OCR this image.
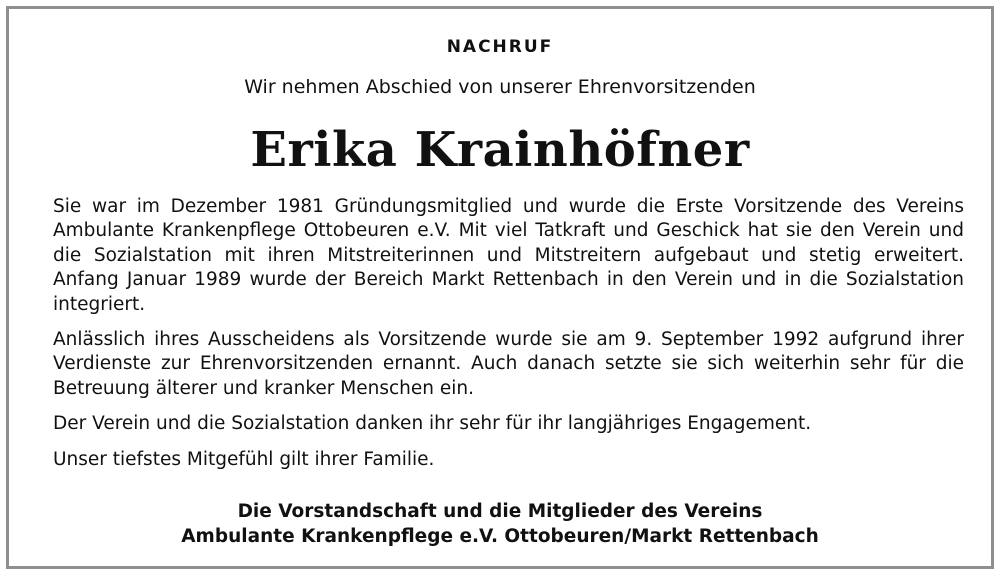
NACHRUF
Wir nehmen Abschied von unserer Ehrenvorsitzenden
Erika Krainhöfner

Sie war im Dezember 1981 Gründungsmitglied und wurde die Erste Vorsitzende des Vereins Ambulante Krankenpflege Ottobeuren e.V. Mit viel Tatkraft und Geschick hat sie den Verein und die Sozialstation mit ihren Mitstreiterinnen und Mitstreitern aufgebaut und stetig erweitert. Anfang Januar 1989 wurde der Bereich Markt Rettenbach in den Verein und in die Sozialstation integriert.

Anlässlich ihres Ausscheidens als Vorsitzende wurde sie am 9. September 1992 aufgrund ihrer Verdienste zur Ehrenvorsitzenden ernannt. Auch danach setzte sie sich weiterhin sehr für die Betreuung älterer und kranker Menschen ein.

Der Verein und die Sozialstation danken ihr sehr für ihr langjähriges Engagement.

Unser tiefstes Mitgefühl gilt ihrer Familie.

Die Vorstandschaft und die Mitglieder des Vereins
Ambulante Krankenpflege e.V. Ottobeuren/Markt Rettenbach
